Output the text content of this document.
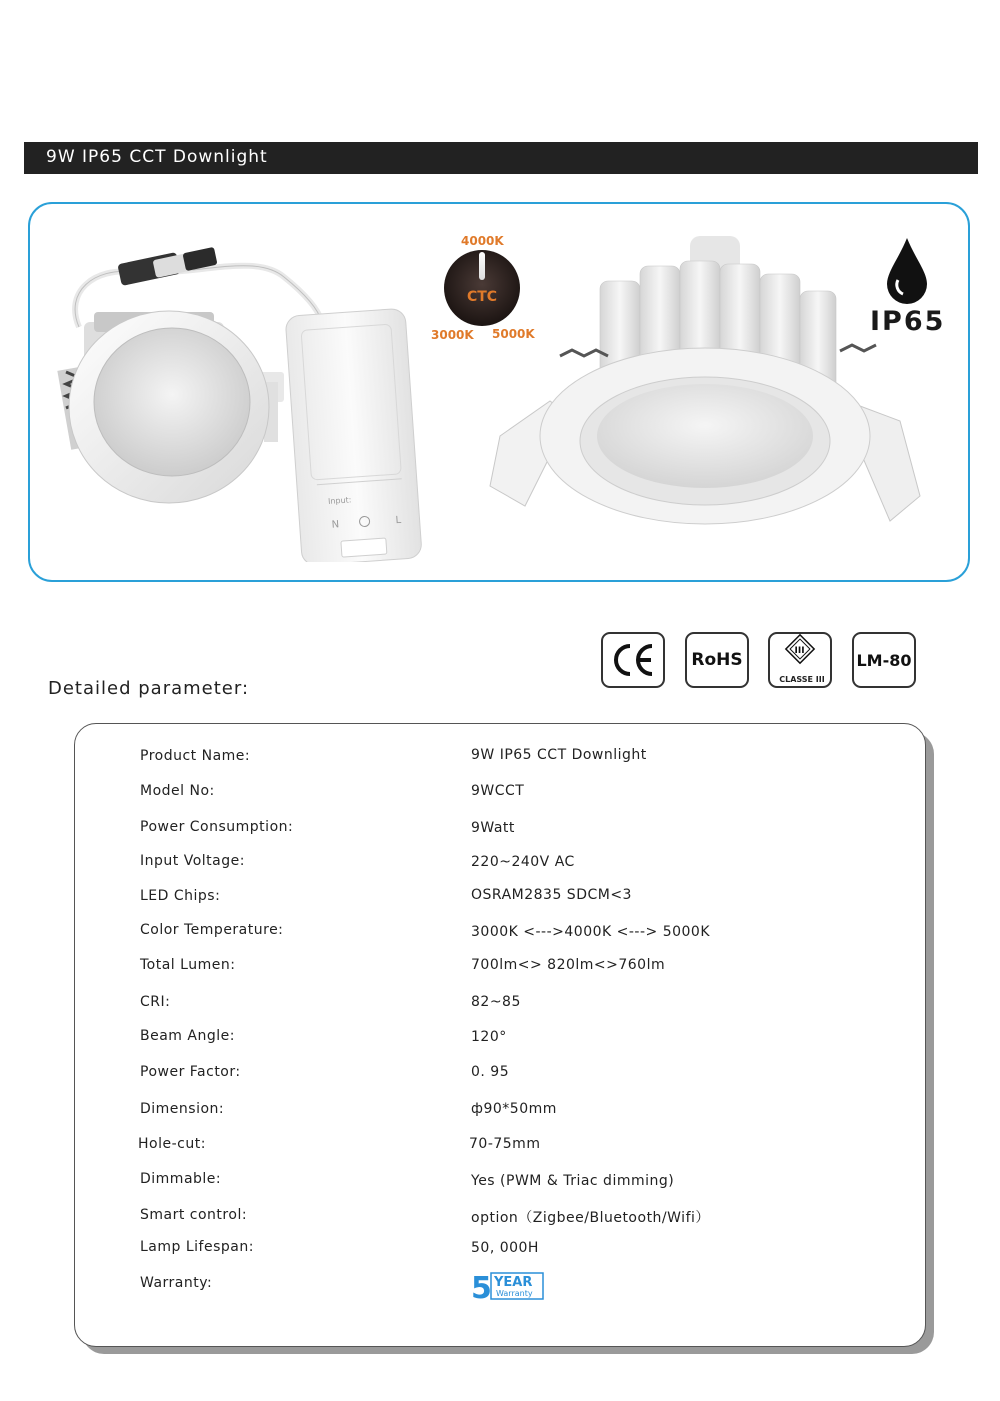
9W IP65 CCT Downlight
Input:
N	L
4000K
CTC
3000K 5000K	IP65
RoHS	III
CLASSE III
LM-80
Detailed parameter:
Product Name:	9W IP65 CCT Downlight
Model No:	9WCCT
Power Consumption:	9Watt
Input Voltage:	220~240V AC
LED Chips:	OSRAM2835 SDCM<3
Color Temperature:	3000K <--->4000K <---> 5000K
Total Lumen:	700lm<> 820lm<>760lm
CRI:	82~85
Beam Angle:	120°
Power Factor:	0. 95
Dimension:	ф90*50mm
Hole-cut:	70-75mm
Dimmable:	Yes (PWM & Triac dimming)
Smart control:	option（Zigbee/Bluetooth/Wifi）
Lamp Lifespan:	50, 000H
Warranty:	5 YEAR
Warranty
